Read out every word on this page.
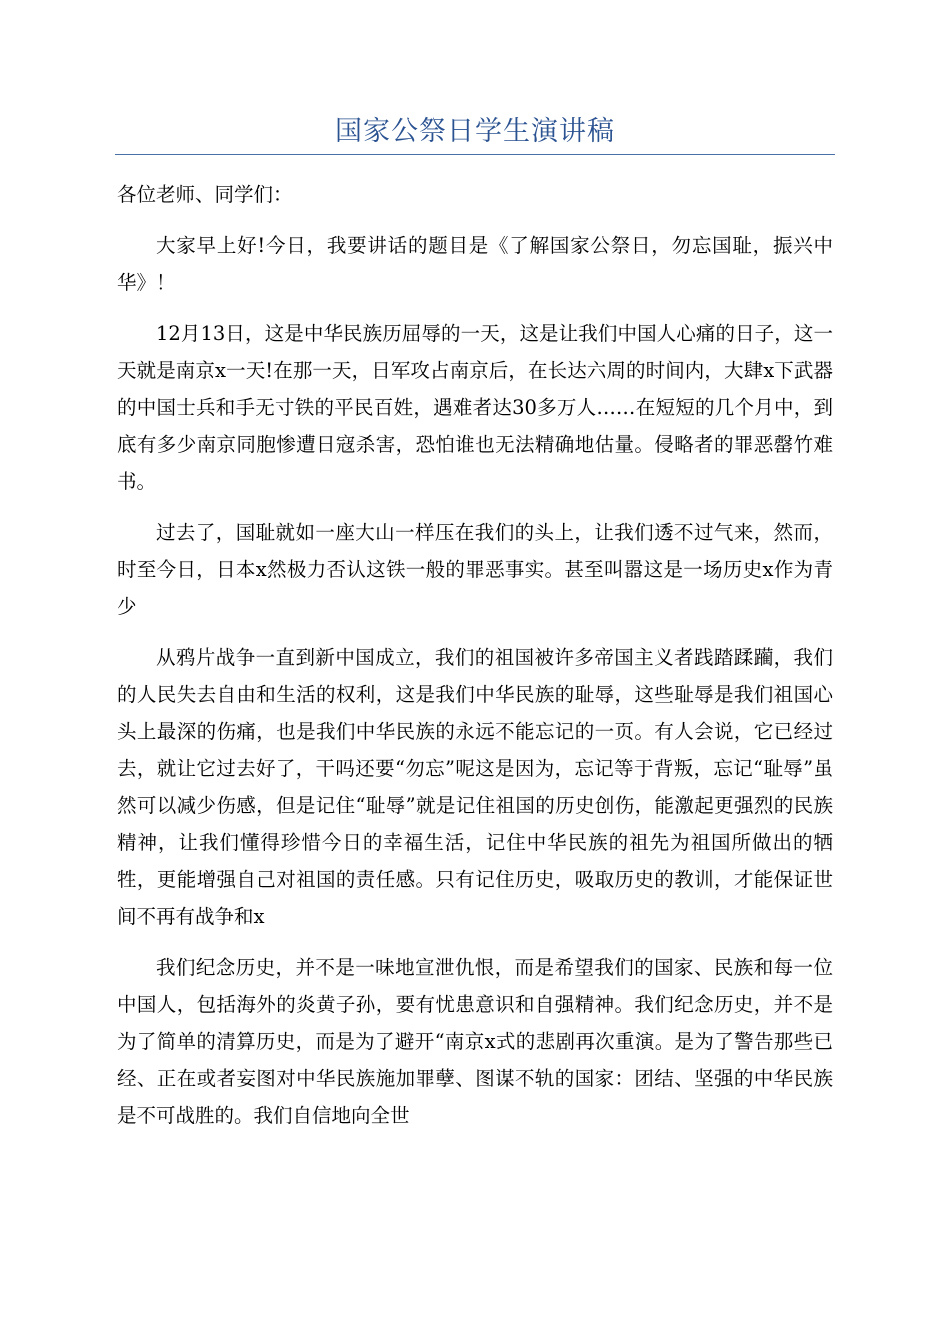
国家公祭日学生演讲稿

各位老师、同学们：

大家早上好!今日，我要讲话的题目是《了解国家公祭日，勿忘国耻，振兴中华》！

12月13日，这是中华民族历屈辱的一天，这是让我们中国人心痛的日子，这一天就是南京x一天!在那一天，日军攻占南京后，在长达六周的时间内，大肆x下武器的中国士兵和手无寸铁的平民百姓，遇难者达30多万人……在短短的几个月中，到底有多少南京同胞惨遭日寇杀害，恐怕谁也无法精确地估量。侵略者的罪恶罄竹难书。

过去了，国耻就如一座大山一样压在我们的头上，让我们透不过气来，然而，时至今日，日本x然极力否认这铁一般的罪恶事实。甚至叫嚣这是一场历史x作为青少

从鸦片战争一直到新中国成立，我们的祖国被许多帝国主义者践踏蹂躏，我们的人民失去自由和生活的权利，这是我们中华民族的耻辱，这些耻辱是我们祖国心头上最深的伤痛，也是我们中华民族的永远不能忘记的一页。有人会说，它已经过去，就让它过去好了，干吗还要“勿忘”呢这是因为，忘记等于背叛，忘记“耻辱”虽然可以减少伤感，但是记住“耻辱”就是记住祖国的历史创伤，能激起更强烈的民族精神，让我们懂得珍惜今日的幸福生活，记住中华民族的祖先为祖国所做出的牺牲，更能增强自己对祖国的责任感。只有记住历史，吸取历史的教训，才能保证世间不再有战争和x

我们纪念历史，并不是一味地宣泄仇恨，而是希望我们的国家、民族和每一位中国人，包括海外的炎黄子孙，要有忧患意识和自强精神。我们纪念历史，并不是为了简单的清算历史，而是为了避开“南京x式的悲剧再次重演。是为了警告那些已经、正在或者妄图对中华民族施加罪孽、图谋不轨的国家：团结、坚强的中华民族是不可战胜的。我们自信地向全世
